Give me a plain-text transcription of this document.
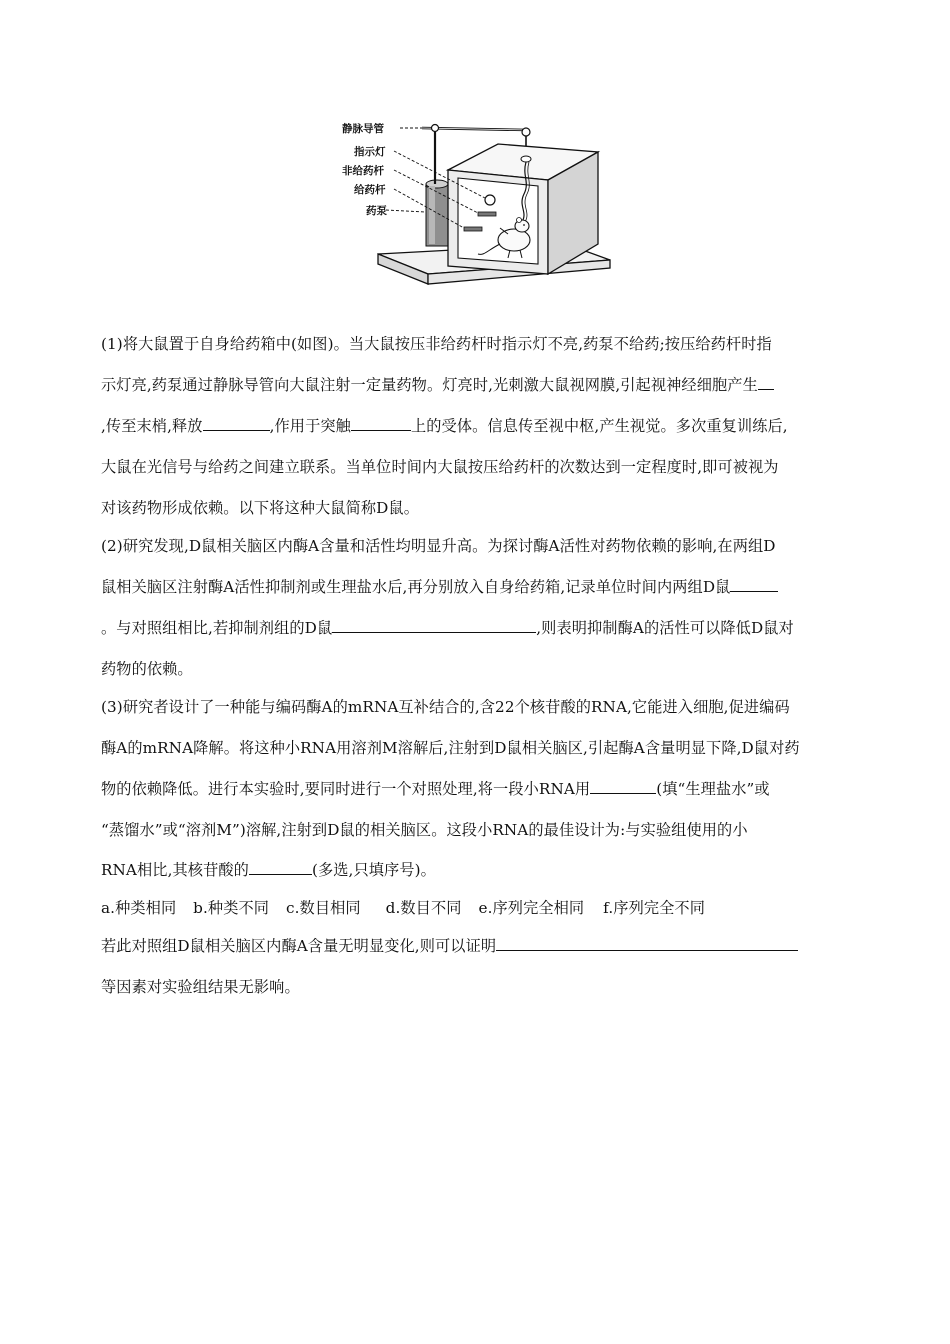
静脉导管
指示灯
非给药杆
给药杆
药泵
(1)将大鼠置于自身给药箱中(如图)。当大鼠按压非给药杆时指示灯不亮,药泵不给药;按压给药杆时指
示灯亮,药泵通过静脉导管向大鼠注射一定量药物。灯亮时,光刺激大鼠视网膜,引起视神经细胞产生
,传至末梢,释放	,作用于突触	上的受体。信息传至视中枢,产生视觉。多次重复训练后,
大鼠在光信号与给药之间建立联系。当单位时间内大鼠按压给药杆的次数达到一定程度时,即可被视为
对该药物形成依赖。以下将这种大鼠简称D鼠。
(2)研究发现,D鼠相关脑区内酶A含量和活性均明显升高。为探讨酶A活性对药物依赖的影响,在两组D
鼠相关脑区注射酶A活性抑制剂或生理盐水后,再分别放入自身给药箱,记录单位时间内两组D鼠
。与对照组相比,若抑制剂组的D鼠	,则表明抑制酶A的活性可以降低D鼠对
药物的依赖。
(3)研究者设计了一种能与编码酶A的mRNA互补结合的,含22个核苷酸的RNA,它能进入细胞,促进编码
酶A的mRNA降解。将这种小RNA用溶剂M溶解后,注射到D鼠相关脑区,引起酶A含量明显下降,D鼠对药
物的依赖降低。进行本实验时,要同时进行一个对照处理,将一段小RNA用	(填“生理盐水”或
“蒸馏水”或“溶剂M”)溶解,注射到D鼠的相关脑区。这段小RNA的最佳设计为:与实验组使用的小
RNA相比,其核苷酸的	(多选,只填序号)。
a.种类相同 b.种类不同 c.数目相同 d.数目不同 e.序列完全相同 f.序列完全不同
若此对照组D鼠相关脑区内酶A含量无明显变化,则可以证明
等因素对实验组结果无影响。
